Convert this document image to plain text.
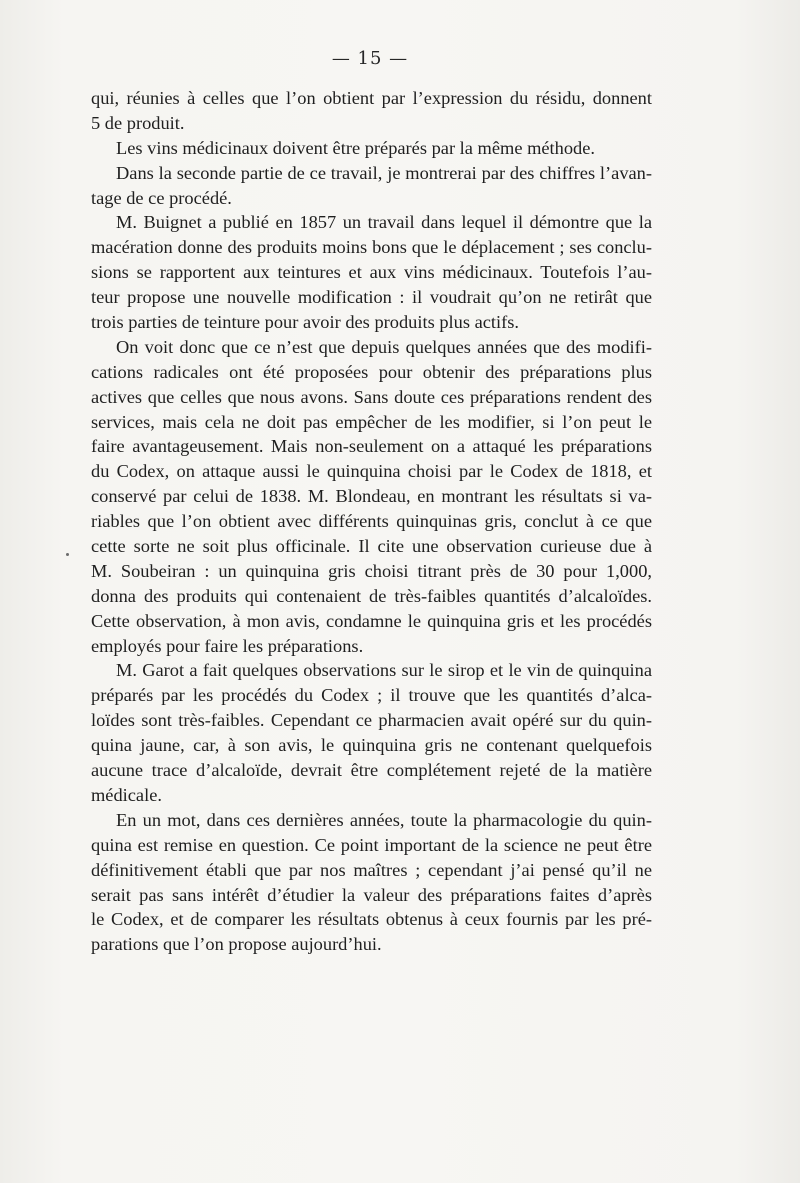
— 15 —
qui, réunies à celles que l’on obtient par l’expression du résidu, donnent
5 de produit.
Les vins médicinaux doivent être préparés par la même méthode.
Dans la seconde partie de ce travail, je montrerai par des chiffres l’avan-
tage de ce procédé.
M. Buignet a publié en 1857 un travail dans lequel il démontre que la
macération donne des produits moins bons que le déplacement ; ses conclu-
sions se rapportent aux teintures et aux vins médicinaux. Toutefois l’au-
teur propose une nouvelle modification : il voudrait qu’on ne retirât que
trois parties de teinture pour avoir des produits plus actifs.
On voit donc que ce n’est que depuis quelques années que des modifi-
cations radicales ont été proposées pour obtenir des préparations plus
actives que celles que nous avons. Sans doute ces préparations rendent des
services, mais cela ne doit pas empêcher de les modifier, si l’on peut le
faire avantageusement. Mais non-seulement on a attaqué les préparations
du Codex, on attaque aussi le quinquina choisi par le Codex de 1818, et
conservé par celui de 1838. M. Blondeau, en montrant les résultats si va-
riables que l’on obtient avec différents quinquinas gris, conclut à ce que
cette sorte ne soit plus officinale. Il cite une observation curieuse due à
M. Soubeiran : un quinquina gris choisi titrant près de 30 pour 1,000,
donna des produits qui contenaient de très-faibles quantités d’alcaloïdes.
Cette observation, à mon avis, condamne le quinquina gris et les procédés
employés pour faire les préparations.
M. Garot a fait quelques observations sur le sirop et le vin de quinquina
préparés par les procédés du Codex ; il trouve que les quantités d’alca-
loïdes sont très-faibles. Cependant ce pharmacien avait opéré sur du quin-
quina jaune, car, à son avis, le quinquina gris ne contenant quelquefois
aucune trace d’alcaloïde, devrait être complétement rejeté de la matière
médicale.
En un mot, dans ces dernières années, toute la pharmacologie du quin-
quina est remise en question. Ce point important de la science ne peut être
définitivement établi que par nos maîtres ; cependant j’ai pensé qu’il ne
serait pas sans intérêt d’étudier la valeur des préparations faites d’après
le Codex, et de comparer les résultats obtenus à ceux fournis par les pré-
parations que l’on propose aujourd’hui.
